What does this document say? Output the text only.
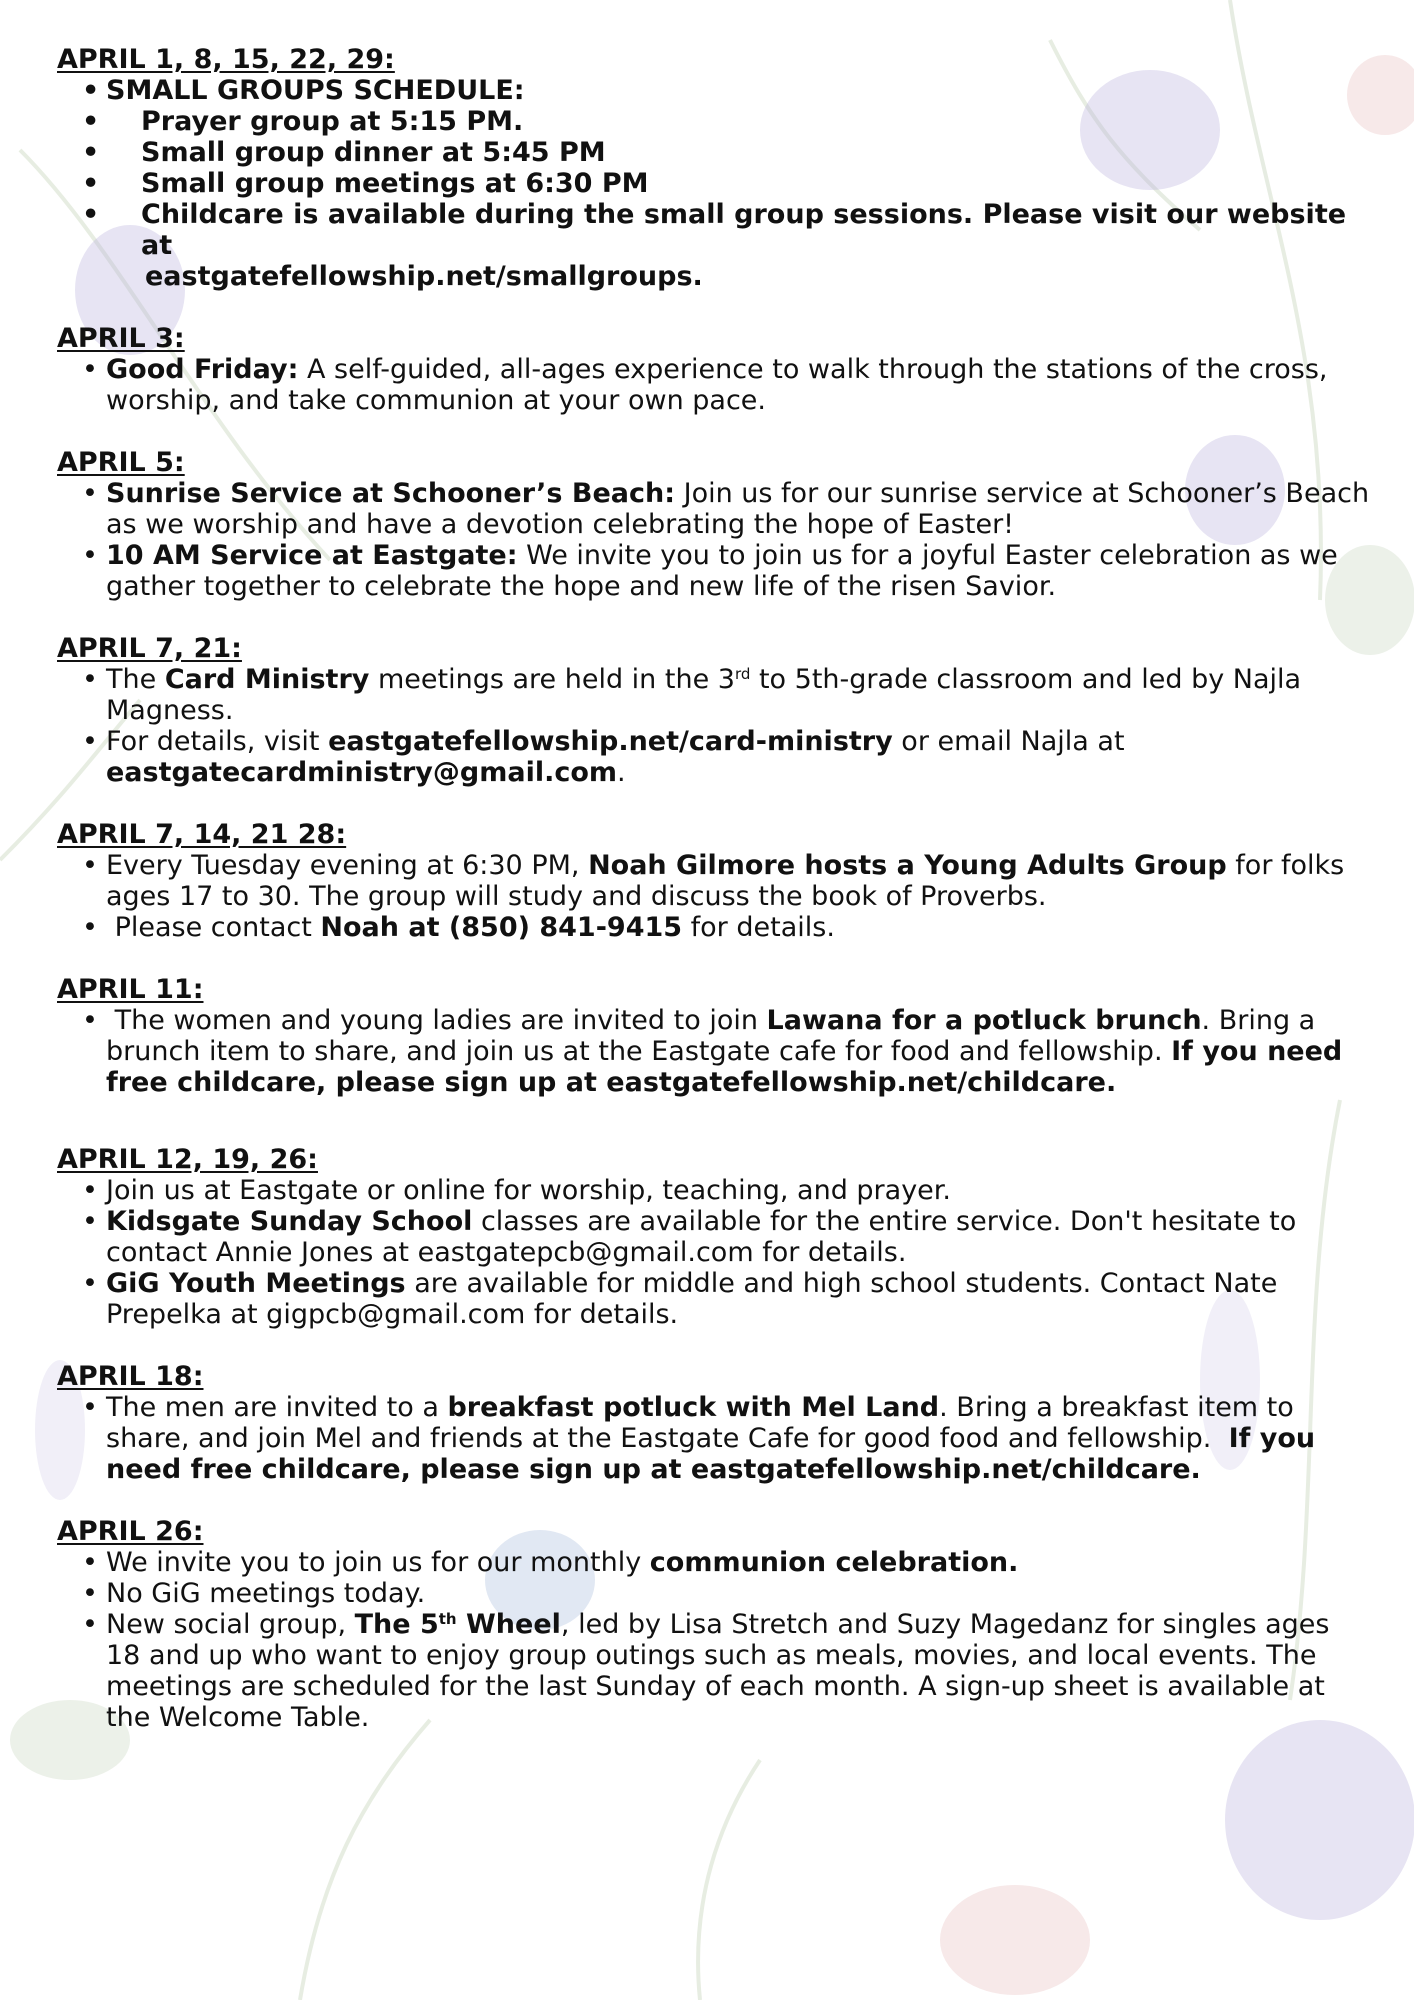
APRIL 1, 8, 15, 22, 29:

• SMALL GROUPS SCHEDULE:
• Prayer group at 5:15 PM.
• Small group dinner at 5:45 PM
• Small group meetings at 6:30 PM
• Childcare is available during the small group sessions. Please visit our website at
eastgatefellowship.net/smallgroups.

APRIL 3:

• Good Friday: A self-guided, all-ages experience to walk through the stations of the cross, worship, and take communion at your own pace.

APRIL 5:

• Sunrise Service at Schooner’s Beach: Join us for our sunrise service at Schooner’s Beach as we worship and have a devotion celebrating the hope of Easter!
• 10 AM Service at Eastgate: We invite you to join us for a joyful Easter celebration as we gather together to celebrate the hope and new life of the risen Savior.

APRIL 7, 21:

• The Card Ministry meetings are held in the 3rd to 5th-grade classroom and led by Najla Magness.
• For details, visit eastgatefellowship.net/card-ministry or email Najla at eastgatecardministry@gmail.com.

APRIL 7, 14, 21 28:

• Every Tuesday evening at 6:30 PM, Noah Gilmore hosts a Young Adults Group for folks ages 17 to 30. The group will study and discuss the book of Proverbs.
•  Please contact Noah at (850) 841-9415 for details.

APRIL 11:

•  The women and young ladies are invited to join Lawana for a potluck brunch. Bring a brunch item to share, and join us at the Eastgate cafe for food and fellowship. If you need free childcare, please sign up at eastgatefellowship.net/childcare.

APRIL 12, 19, 26:

• Join us at Eastgate or online for worship, teaching, and prayer.
• Kidsgate Sunday School classes are available for the entire service. Don't hesitate to contact Annie Jones at eastgatepcb@gmail.com for details.
• GiG Youth Meetings are available for middle and high school students. Contact Nate Prepelka at gigpcb@gmail.com for details.

APRIL 18:

• The men are invited to a breakfast potluck with Mel Land. Bring a breakfast item to share, and join Mel and friends at the Eastgate Cafe for good food and fellowship.  If you need free childcare, please sign up at eastgatefellowship.net/childcare.

APRIL 26:

• We invite you to join us for our monthly communion celebration.
• No GiG meetings today.
• New social group, The 5th Wheel, led by Lisa Stretch and Suzy Magedanz for singles ages 18 and up who want to enjoy group outings such as meals, movies, and local events. The meetings are scheduled for the last Sunday of each month. A sign-up sheet is available at the Welcome Table.
